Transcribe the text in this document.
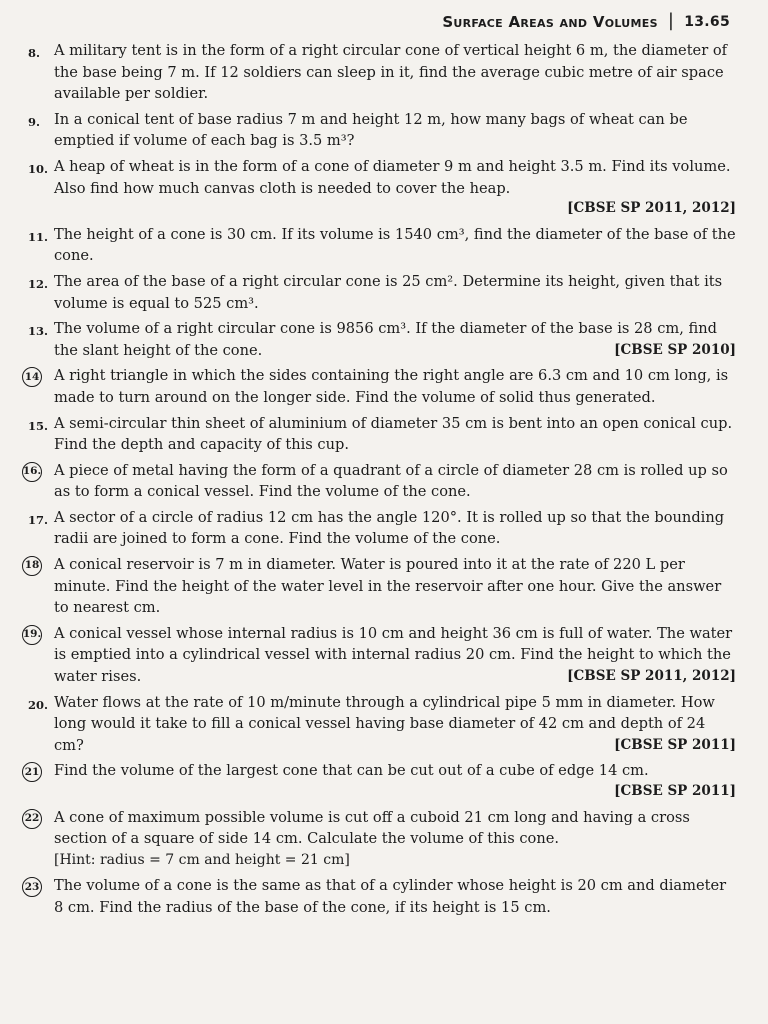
Surface Areas and Volumes | 13.65
8. A military tent is in the form of a right circular cone of vertical height 6 m, the diameter of the base being 7 m. If 12 soldiers can sleep in it, find the average cubic metre of air space available per soldier.
9. In a conical tent of base radius 7 m and height 12 m, how many bags of wheat can be emptied if volume of each bag is 3.5 m³?
10. A heap of wheat is in the form of a cone of diameter 9 m and height 3.5 m. Find its volume. Also find how much canvas cloth is needed to cover the heap.
[CBSE SP 2011, 2012]
11. The height of a cone is 30 cm. If its volume is 1540 cm³, find the diameter of the base of the cone.
12. The area of the base of a right circular cone is 25 cm². Determine its height, given that its volume is equal to 525 cm³.
13. The volume of a right circular cone is 9856 cm³. If the diameter of the base is 28 cm, find the slant height of the cone.	[CBSE SP 2010]
14 A right triangle in which the sides containing the right angle are 6.3 cm and 10 cm long, is made to turn around on the longer side. Find the volume of solid thus generated.
15. A semi-circular thin sheet of aluminium of diameter 35 cm is bent into an open conical cup. Find the depth and capacity of this cup.
16. A piece of metal having the form of a quadrant of a circle of diameter 28 cm is rolled up so as to form a conical vessel. Find the volume of the cone.
17. A sector of a circle of radius 12 cm has the angle 120°. It is rolled up so that the bounding radii are joined to form a cone. Find the volume of the cone.
18 A conical reservoir is 7 m in diameter. Water is poured into it at the rate of 220 L per minute. Find the height of the water level in the reservoir after one hour. Give the answer to nearest cm.
19. A conical vessel whose internal radius is 10 cm and height 36 cm is full of water. The water is emptied into a cylindrical vessel with internal radius 20 cm. Find the height to which the water rises.	[CBSE SP 2011, 2012]
20. Water flows at the rate of 10 m/minute through a cylindrical pipe 5 mm in diameter. How long would it take to fill a conical vessel having base diameter of 42 cm and depth of 24 cm?	[CBSE SP 2011]
21 Find the volume of the largest cone that can be cut out of a cube of edge 14 cm.
[CBSE SP 2011]
22 A cone of maximum possible volume is cut off a cuboid 21 cm long and having a cross section of a square of side 14 cm. Calculate the volume of this cone.
[Hint: radius = 7 cm and height = 21 cm]
23 The volume of a cone is the same as that of a cylinder whose height is 20 cm and diameter 8 cm. Find the radius of the base of the cone, if its height is 15 cm.
